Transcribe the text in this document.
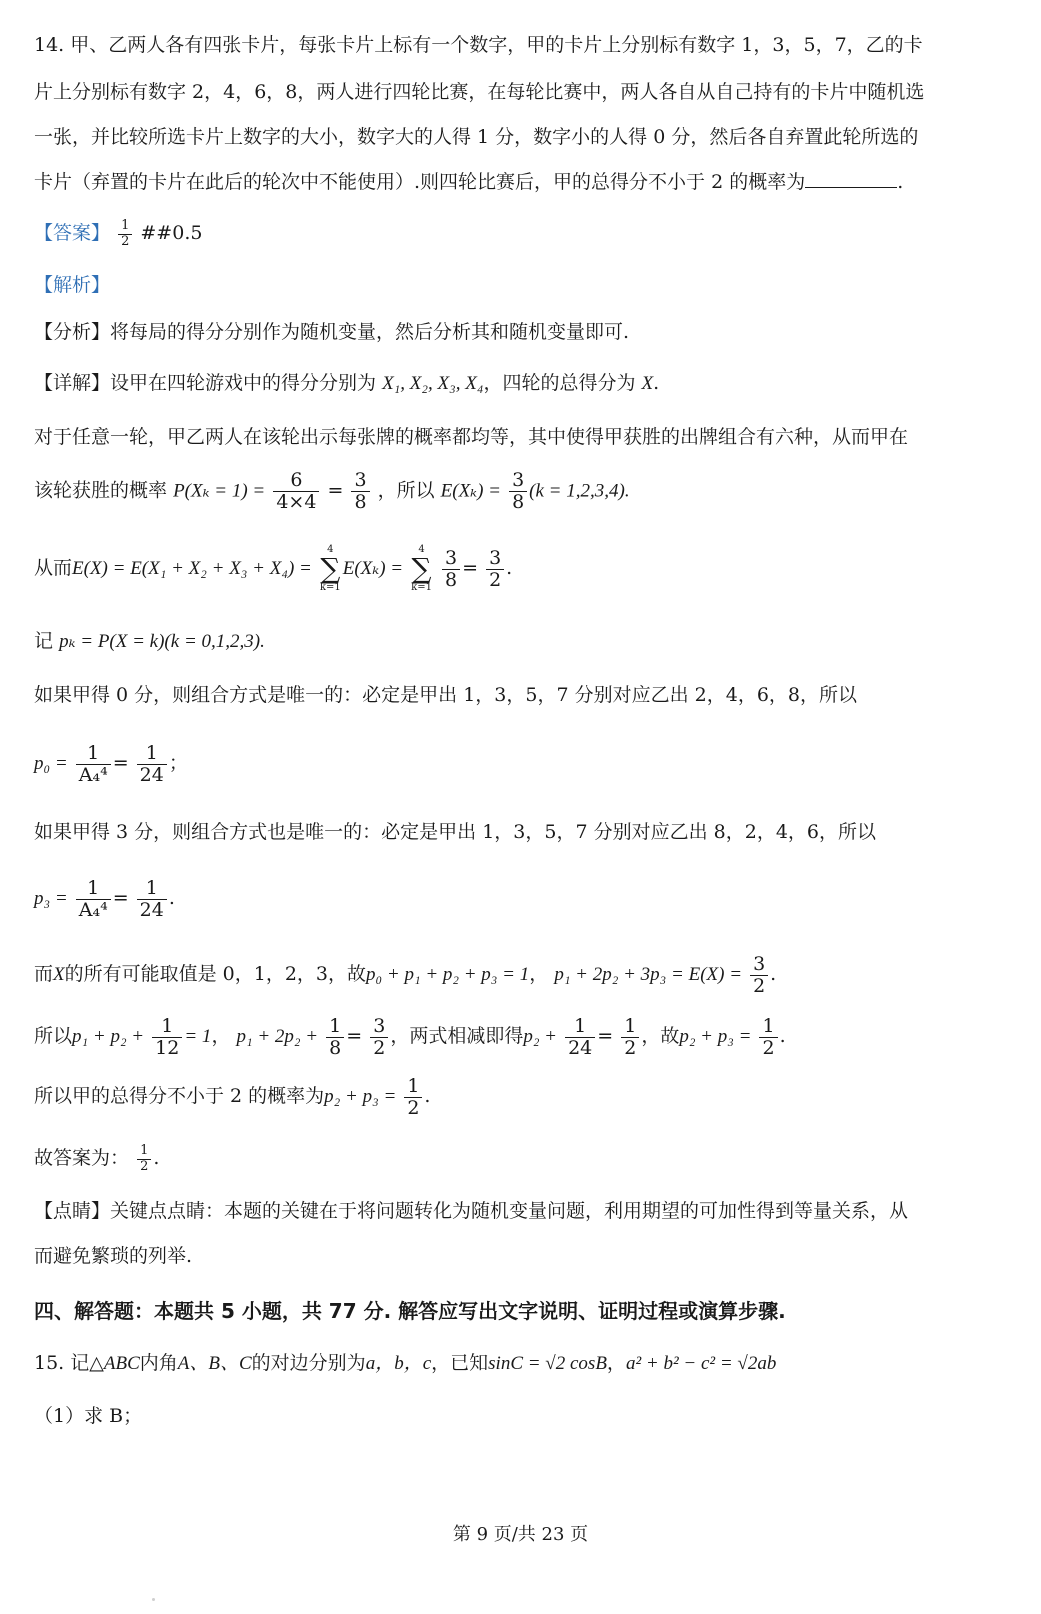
14. 甲、乙两人各有四张卡片，每张卡片上标有一个数字，甲的卡片上分别标有数字 1，3，5，7，乙的卡
片上分别标有数字 2，4，6，8，两人进行四轮比赛，在每轮比赛中，两人各自从自己持有的卡片中随机选
一张，并比较所选卡片上数字的大小，数字大的人得 1 分，数字小的人得 0 分，然后各自弃置此轮所选的
卡片（弃置的卡片在此后的轮次中不能使用）.则四轮比赛后，甲的总得分不小于 2 的概率为	.
【答案】 $\frac{1}{2}$ ##0.5
【解析】
【分析】将每局的得分分别作为随机变量，然后分析其和随机变量即可.
【详解】设甲在四轮游戏中的得分分别为 X₁, X₂, X₃, X₄，四轮的总得分为 X.
对于任意一轮，甲乙两人在该轮出示每张牌的概率都均等，其中使得甲获胜的出牌组合有六种，从而甲在
该轮获胜的概率 $P(X_k = 1) = \frac{6}{4\times 4} = \frac{3}{8}$ ，所以 $E(X_k) = \frac{3}{8} (k = 1,2,3,4)$.
从而E(X) = E(X₁ + X₂ + X₃ + X₄) =
4
∑
k=1
E(Xₖ) =
4
∑
k=1
$\frac{3}{8} = \frac{3}{2}$ .
记 pₖ = P(X = k)(k = 0,1,2,3).
如果甲得 0 分，则组合方式是唯一的：必定是甲出 1，3，5，7 分别对应乙出 2，4，6，8，所以
$p_0 = \frac{1}{\text{A₄⁴}} = \frac{1}{24}$ ；
如果甲得 3 分，则组合方式也是唯一的：必定是甲出 1，3，5，7 分别对应乙出 8，2，4，6，所以
$p_3 = \frac{1}{\text{A₄⁴}} = \frac{1}{24}$ .
而X的所有可能取值是 0，1，2，3，故p₀ + p₁ + p₂ + p₃ = 1， $p_1 + 2p_2 + 3p_3 = E(X) = \frac{3}{2}$ .
所以$p_1 + p_2 + \frac{1}{12} = 1$， $p_1 + 2p_2 + \frac{1}{8} = \frac{3}{2}$ ，两式相减即得$p_2 + \frac{1}{24} = \frac{1}{2}$ ，故$p_2 + p_3 = \frac{1}{2}$ .
所以甲的总得分不小于 2 的概率为$p_2 + p_3 = \frac{1}{2}$ .
故答案为： $\frac{1}{2}$ .
【点睛】关键点点睛：本题的关键在于将问题转化为随机变量问题，利用期望的可加性得到等量关系，从
而避免繁琐的列举.
四、解答题：本题共 5 小题，共 77 分. 解答应写出文字说明、证明过程或演算步骤.
15. 记△ABC内角A、B、C的对边分别为a，b，c，已知sinC = √2 cosB，a² + b² − c² = √2ab
（1）求 B；
第 9 页/共 23 页
